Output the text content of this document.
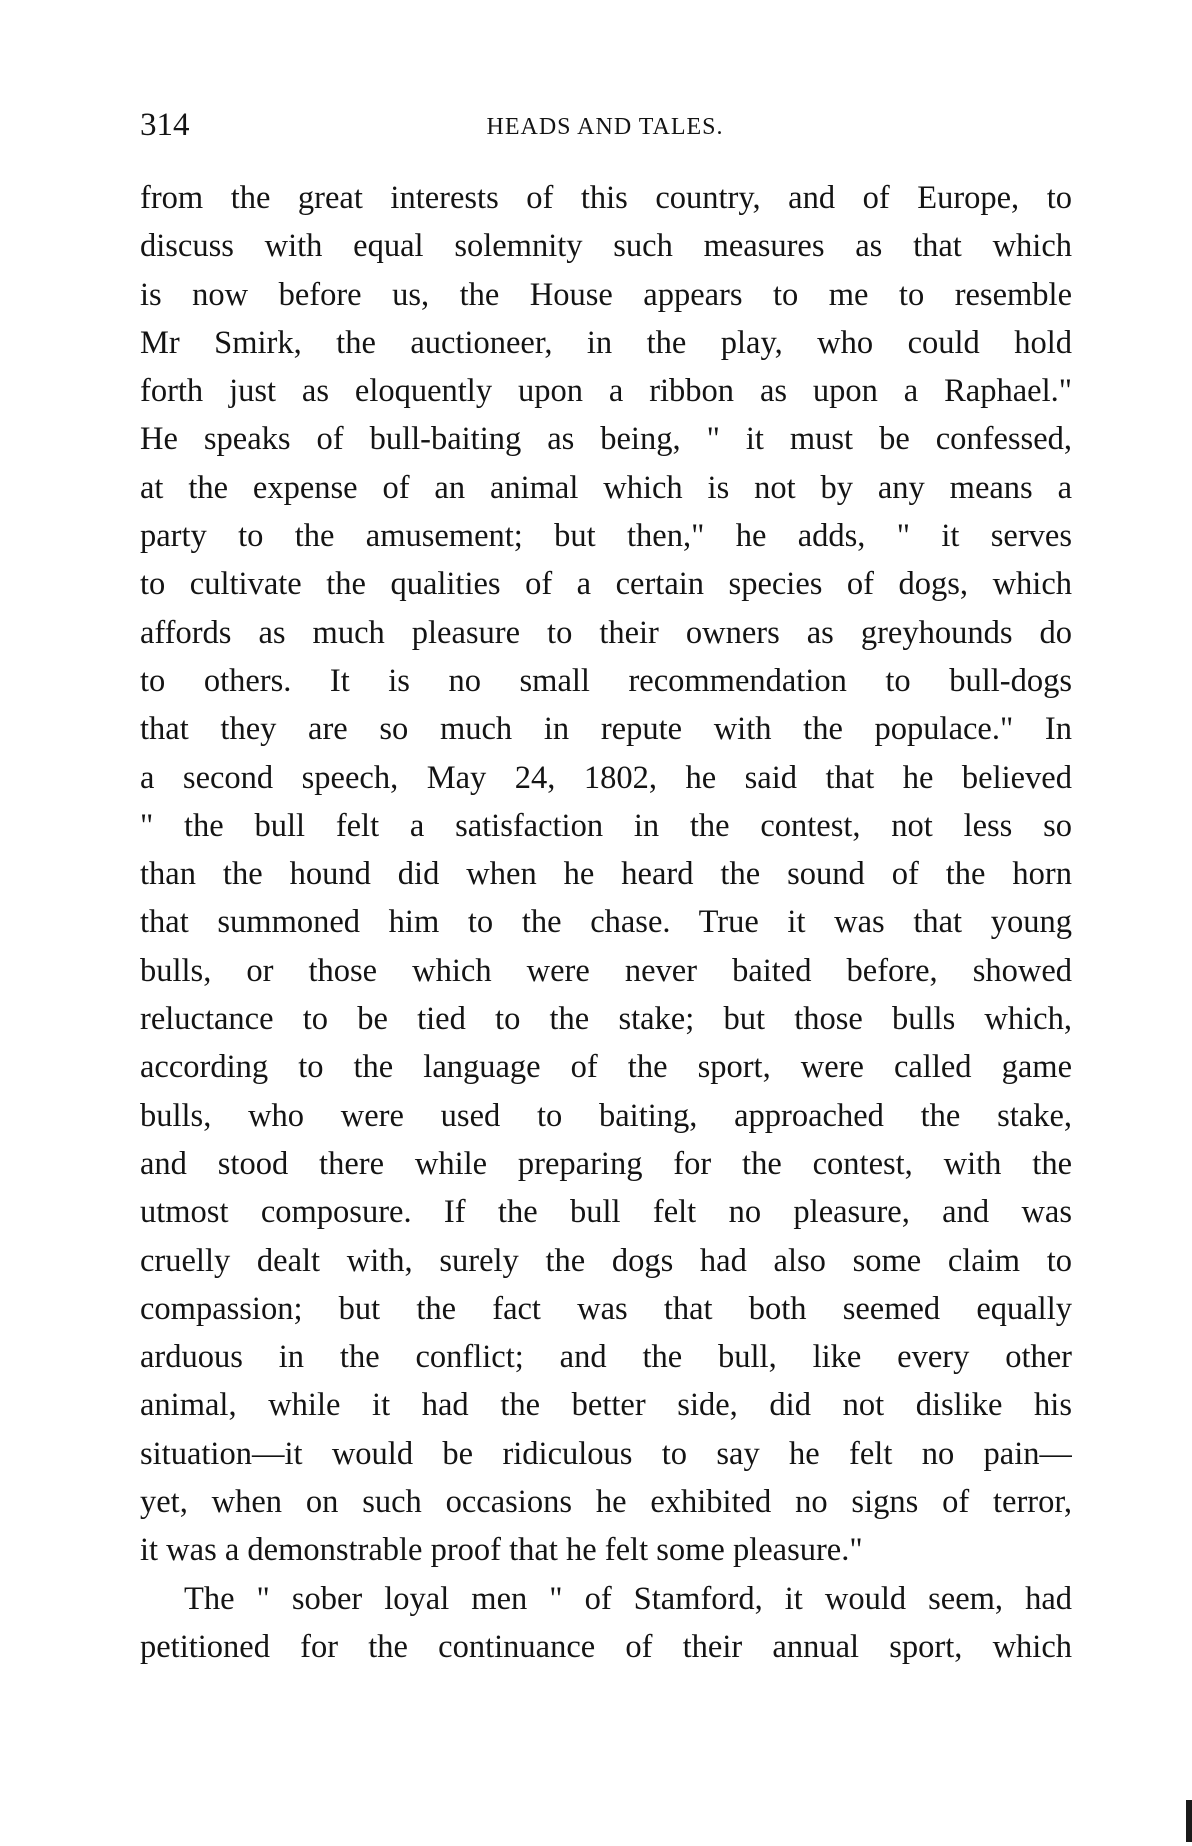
314	HEADS AND TALES.
from the great interests of this country, and of Europe, to
discuss with equal solemnity such measures as that which
is now before us, the House appears to me to resemble
Mr Smirk, the auctioneer, in the play, who could hold
forth just as eloquently upon a ribbon as upon a Raphael."
He speaks of bull-baiting as being, " it must be confessed,
at the expense of an animal which is not by any means a
party to the amusement; but then," he adds, " it serves
to cultivate the qualities of a certain species of dogs, which
affords as much pleasure to their owners as greyhounds do
to others. It is no small recommendation to bull-dogs
that they are so much in repute with the populace." In
a second speech, May 24, 1802, he said that he believed
" the bull felt a satisfaction in the contest, not less so
than the hound did when he heard the sound of the horn
that summoned him to the chase. True it was that young
bulls, or those which were never baited before, showed
reluctance to be tied to the stake; but those bulls which,
according to the language of the sport, were called game
bulls, who were used to baiting, approached the stake,
and stood there while preparing for the contest, with the
utmost composure. If the bull felt no pleasure, and was
cruelly dealt with, surely the dogs had also some claim to
compassion; but the fact was that both seemed equally
arduous in the conflict; and the bull, like every other
animal, while it had the better side, did not dislike his
situation—it would be ridiculous to say he felt no pain—
yet, when on such occasions he exhibited no signs of terror,
it was a demonstrable proof that he felt some pleasure."
The " sober loyal men " of Stamford, it would seem, had
petitioned for the continuance of their annual sport, which
